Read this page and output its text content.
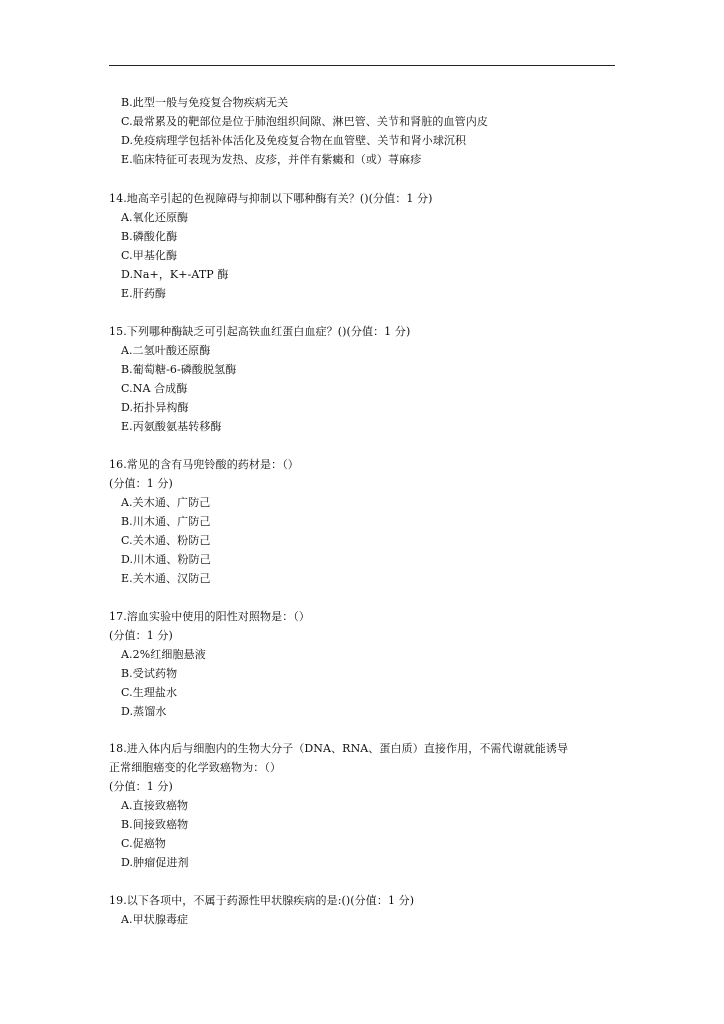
B.此型一般与免疫复合物疾病无关
C.最常累及的靶部位是位于肺泡组织间隙、淋巴管、关节和肾脏的血管内皮
D.免疫病理学包括补体活化及免疫复合物在血管壁、关节和肾小球沉积
E.临床特征可表现为发热、皮疹，并伴有紫癜和（或）荨麻疹
14.地高辛引起的色视障碍与抑制以下哪种酶有关？()(分值：1 分)
A.氧化还原酶
B.磷酸化酶
C.甲基化酶
D.Na+，K+-ATP 酶
E.肝药酶
15.下列哪种酶缺乏可引起高铁血红蛋白血症？()(分值：1 分)
A.二氢叶酸还原酶
B.葡萄糖-6-磷酸脱氢酶
C.NA 合成酶
D.拓扑异构酶
E.丙氨酸氨基转移酶
16.常见的含有马兜铃酸的药材是：（）
(分值：1 分)
A.关木通、广防己
B.川木通、广防己
C.关木通、粉防己
D.川木通、粉防己
E.关木通、汉防己
17.溶血实验中使用的阳性对照物是：（）
(分值：1 分)
A.2%红细胞悬液
B.受试药物
C.生理盐水
D.蒸馏水
18.进入体内后与细胞内的生物大分子（DNA、RNA、蛋白质）直接作用，不需代谢就能诱导
正常细胞癌变的化学致癌物为：（）
(分值：1 分)
A.直接致癌物
B.间接致癌物
C.促癌物
D.肿瘤促进剂
19.以下各项中，不属于药源性甲状腺疾病的是:()(分值：1 分)
A.甲状腺毒症
